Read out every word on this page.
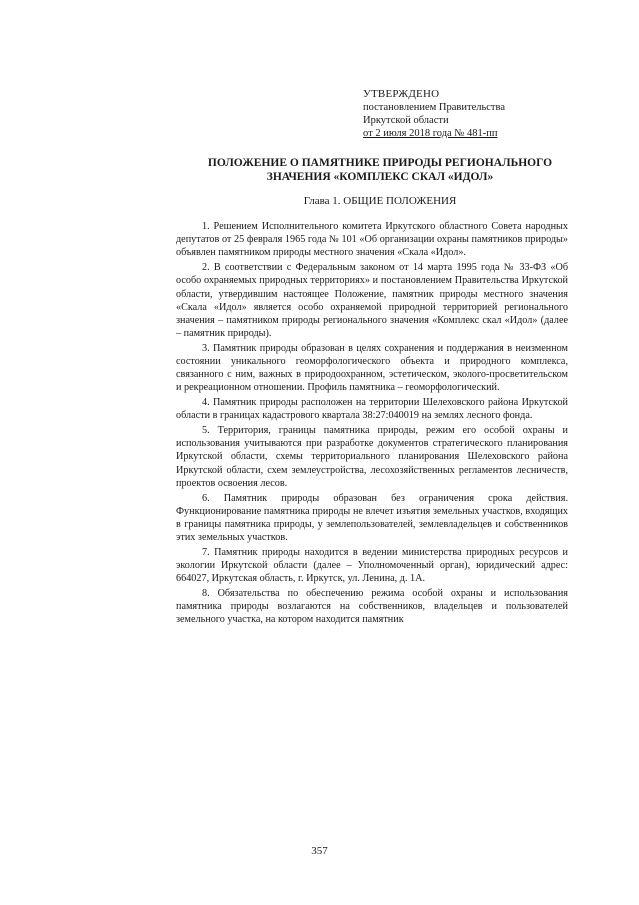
УТВЕРЖДЕНО
постановлением Правительства
Иркутской области
от 2 июля 2018 года № 481-пп
ПОЛОЖЕНИЕ О ПАМЯТНИКЕ ПРИРОДЫ РЕГИОНАЛЬНОГО
ЗНАЧЕНИЯ «КОМПЛЕКС СКАЛ «ИДОЛ»
Глава 1. ОБЩИЕ ПОЛОЖЕНИЯ

1. Решением Исполнительного комитета Иркутского областного Совета народных депутатов от 25 февраля 1965 года № 101 «Об организации охраны памятников природы» объявлен памятником природы местного значения «Скала «Идол».

2. В соответствии с Федеральным законом от 14 марта 1995 года № 33-ФЗ «Об особо охраняемых природных территориях» и постановлением Правительства Иркутской области, утвердившим настоящее Положение, памятник природы местного значения «Скала «Идол» является особо охраняемой природной территорией регионального значения – памятником природы регионального значения «Комплекс скал «Идол» (далее – памятник природы).

3. Памятник природы образован в целях сохранения и поддержания в неизменном состоянии уникального геоморфологического объекта и природного комплекса, связанного с ним, важных в природоохранном, эстетическом, эколого-просветительском и рекреационном отношении. Профиль памятника – геоморфологический.

4. Памятник природы расположен на территории Шелеховского района Иркутской области в границах кадастрового квартала 38:27:040019 на землях лесного фонда.

5. Территория, границы памятника природы, режим его особой охраны и использования учитываются при разработке документов стратегического планирования Иркутской области, схемы территориального планирования Шелеховского района Иркутской области, схем землеустройства, лесохозяйственных регламентов лесничеств, проектов освоения лесов.

6. Памятник природы образован без ограничения срока действия. Функционирование памятника природы не влечет изъятия земельных участков, входящих в границы памятника природы, у землепользователей, землевладельцев и собственников этих земельных участков.

7. Памятник природы находится в ведении министерства природных ресурсов и экологии Иркутской области (далее – Уполномоченный орган), юридический адрес: 664027, Иркутская область, г. Иркутск, ул. Ленина, д. 1А.

8. Обязательства по обеспечению режима особой охраны и использования памятника природы возлагаются на собственников, владельцев и пользователей земельного участка, на котором находится памятник

357
